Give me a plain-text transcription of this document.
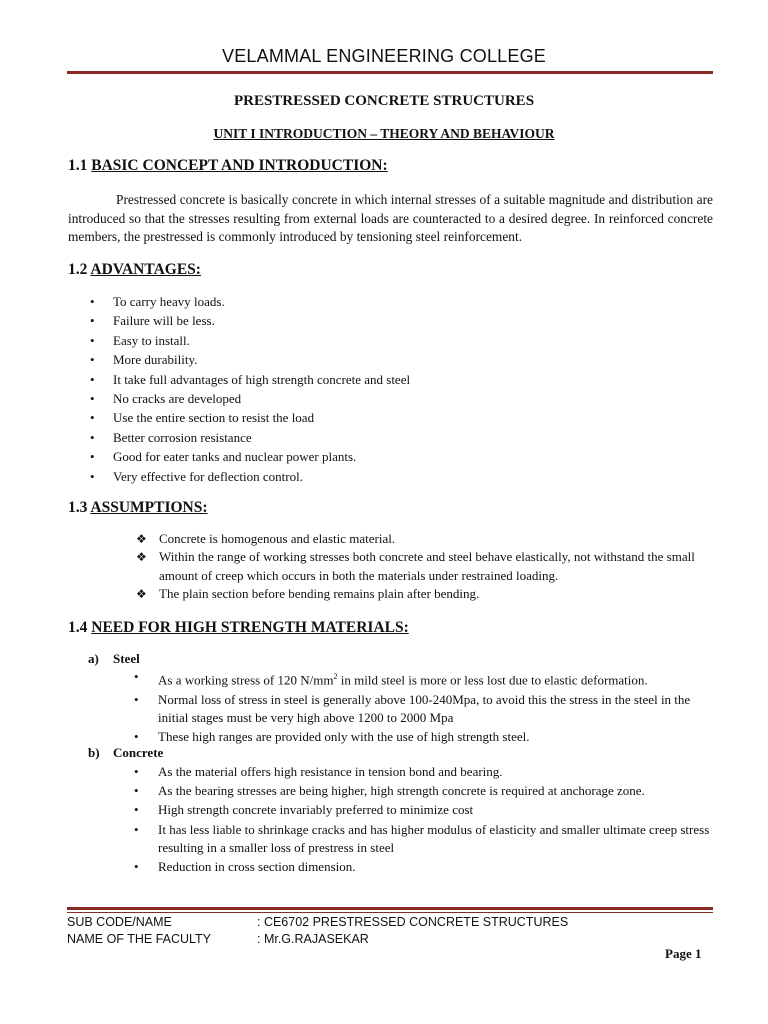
VELAMMAL ENGINEERING COLLEGE
PRESTRESSED CONCRETE STRUCTURES
UNIT I INTRODUCTION – THEORY AND BEHAVIOUR
1.1 BASIC CONCEPT AND INTRODUCTION:

Prestressed concrete is basically concrete in which internal stresses of a suitable magnitude and distribution are introduced so that the stresses resulting from external loads are counteracted to a desired degree. In reinforced concrete members, the prestressed is commonly introduced by tensioning steel reinforcement.

1.2 ADVANTAGES:
• To carry heavy loads.
• Failure will be less.
• Easy to install.
• More durability.
• It take full advantages of high strength concrete and steel
• No cracks are developed
• Use the entire section to resist the load
• Better corrosion resistance
• Good for eater tanks and nuclear power plants.
• Very effective for deflection control.
1.3 ASSUMPTIONS:
❖ Concrete is homogenous and elastic material.
❖ Within the range of working stresses both concrete and steel behave elastically, not withstand the small amount of creep which occurs in both the materials under restrained loading.
❖ The plain section before bending remains plain after bending.
1.4 NEED FOR HIGH STRENGTH MATERIALS:
a) Steel
• As a working stress of 120 $N/mm^2$ in mild steel is more or less lost due to elastic deformation.
• Normal loss of stress in steel is generally above 100-240Mpa, to avoid this the stress in the steel in the initial stages must be very high above 1200 to 2000 Mpa
• These high ranges are provided only with the use of high strength steel.
b) Concrete
• As the material offers high resistance in tension bond and bearing.
• As the bearing stresses are being higher, high strength concrete is required at anchorage zone.
• High strength concrete invariably preferred to minimize cost
• It has less liable to shrinkage cracks and has higher modulus of elasticity and smaller ultimate creep stress resulting in a smaller loss of prestress in steel
• Reduction in cross section dimension.
SUB CODE/NAME	: CE6702 PRESTRESSED CONCRETE STRUCTURES
NAME OF THE FACULTY	: Mr.G.RAJASEKAR
Page 1
